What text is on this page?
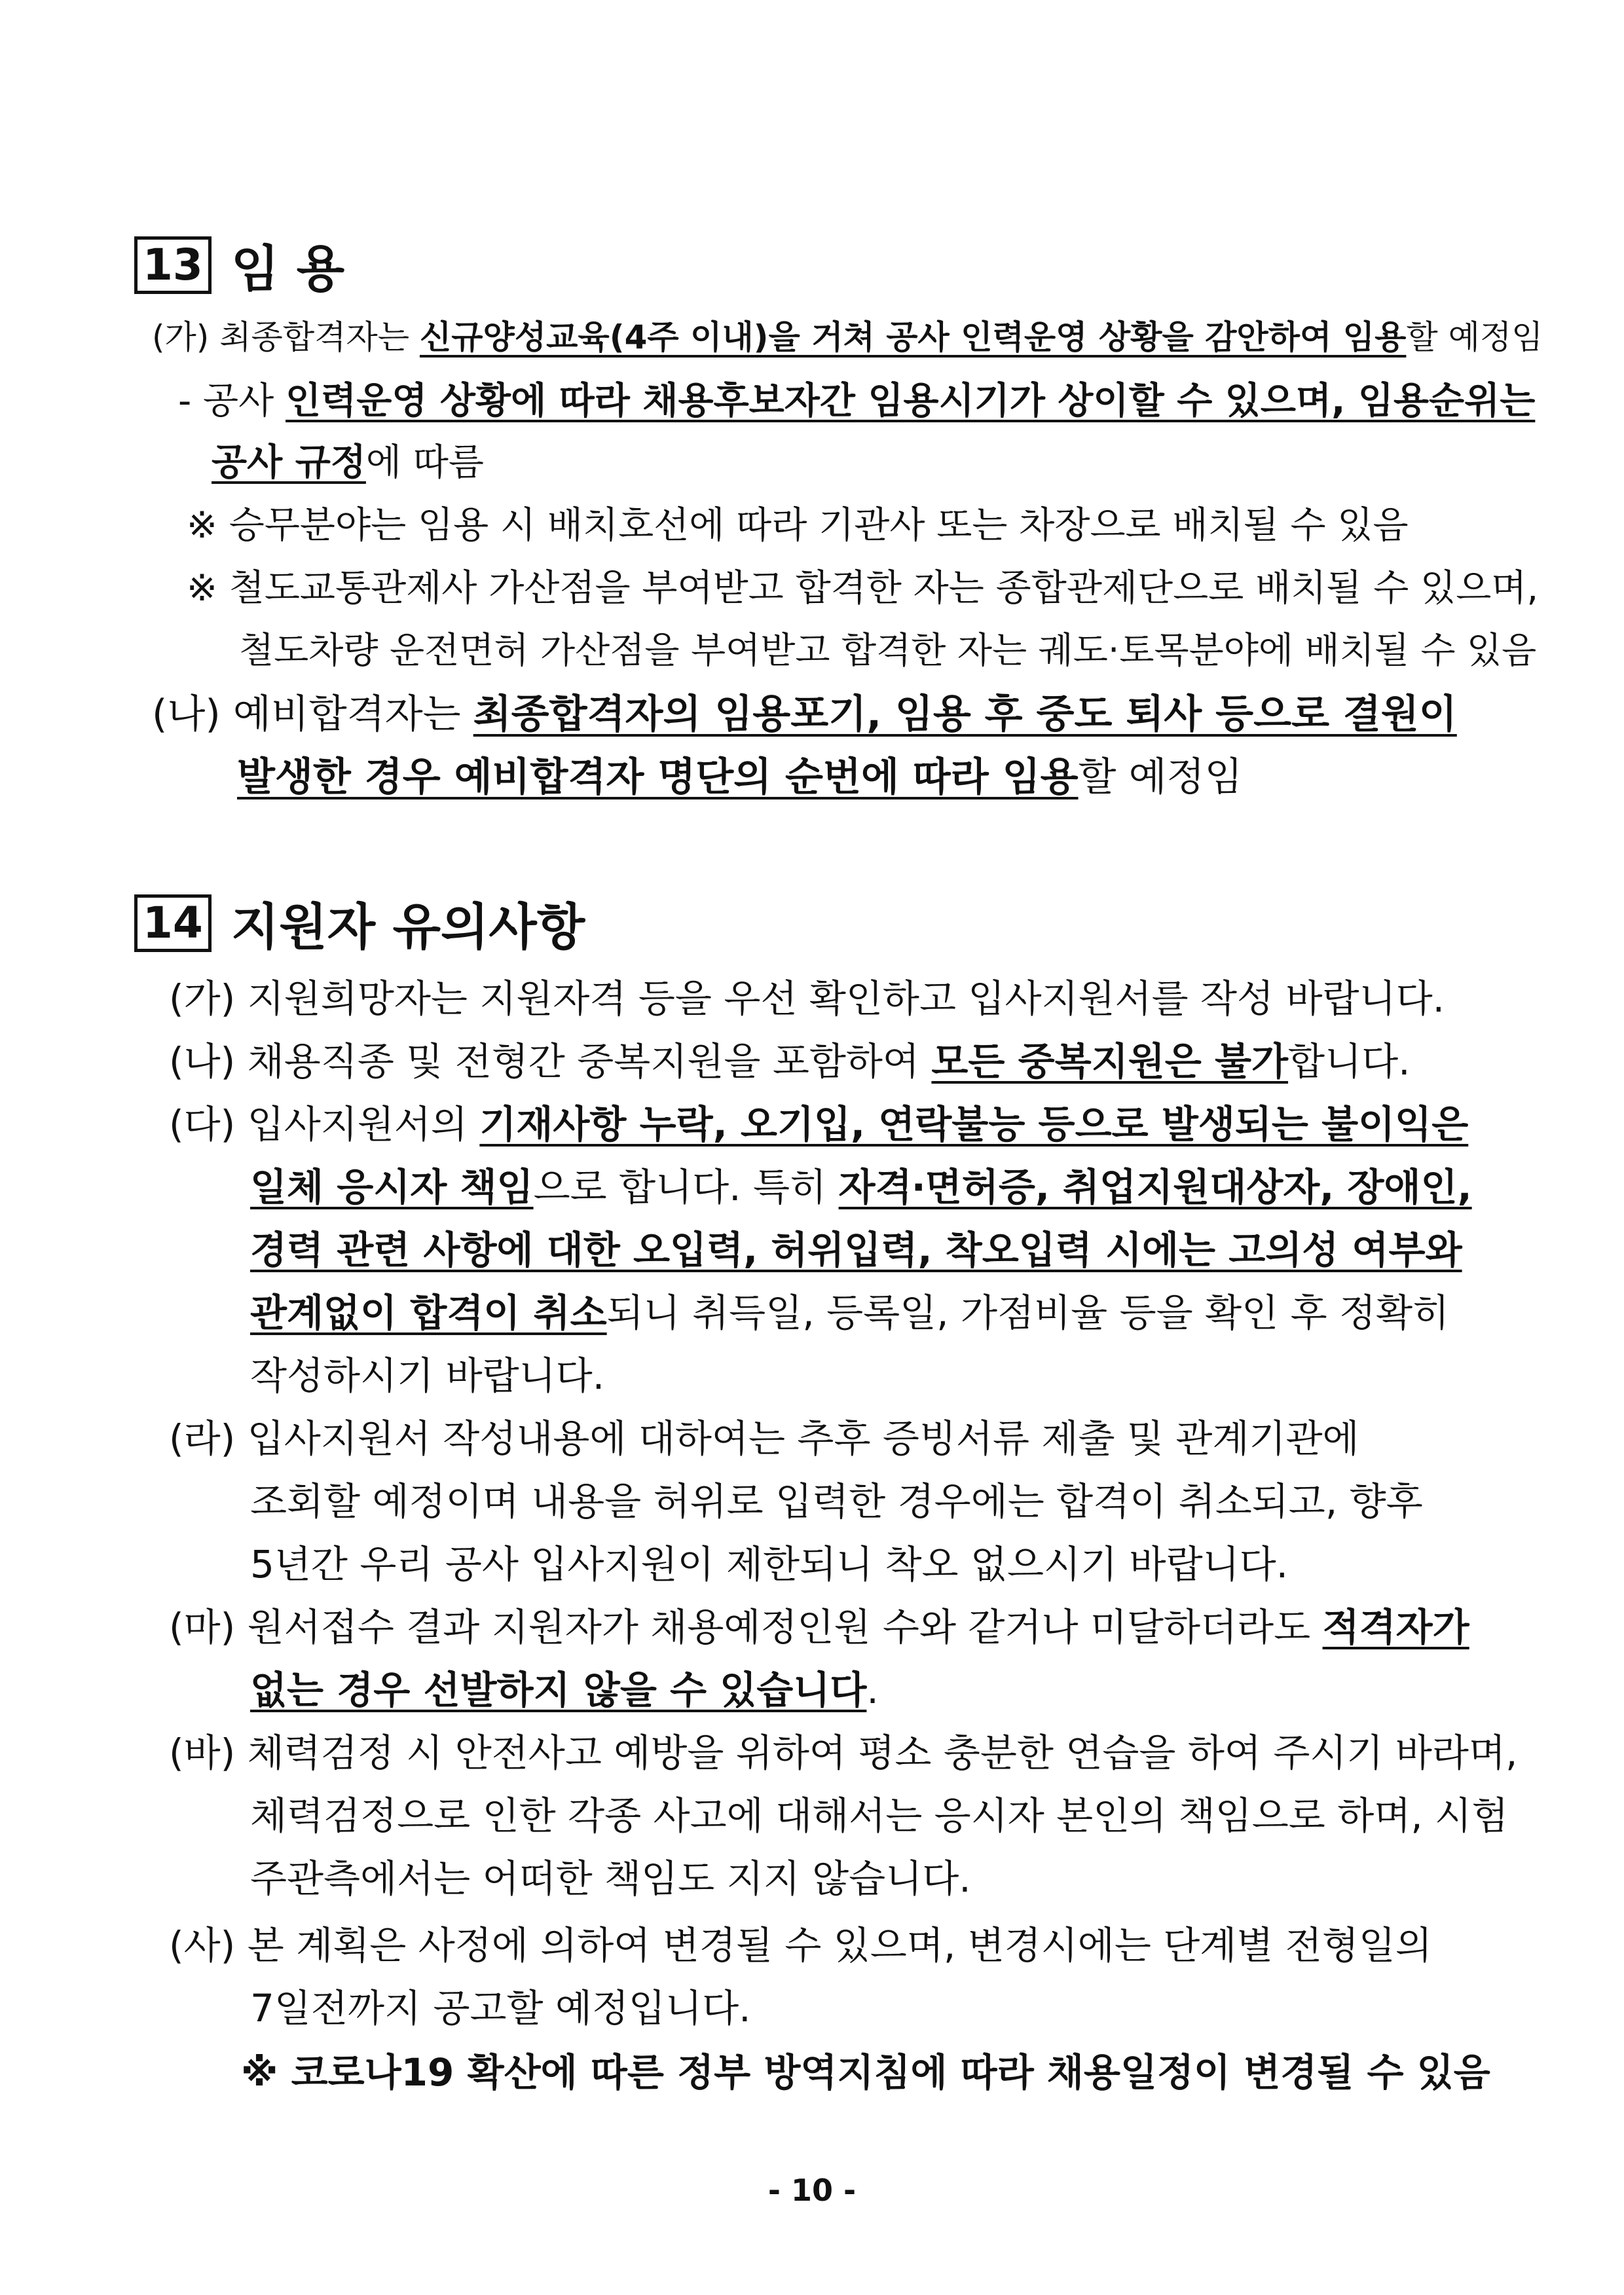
13 임 용
(가) 최종합격자는 신규양성교육(4주 이내)을 거쳐 공사 인력운영 상황을 감안하여 임용할 예정임
- 공사 인력운영 상황에 따라 채용후보자간 임용시기가 상이할 수 있으며, 임용순위는
공사 규정에 따름
※ 승무분야는 임용 시 배치호선에 따라 기관사 또는 차장으로 배치될 수 있음
※ 철도교통관제사 가산점을 부여받고 합격한 자는 종합관제단으로 배치될 수 있으며,
철도차량 운전면허 가산점을 부여받고 합격한 자는 궤도‧토목분야에 배치될 수 있음
(나) 예비합격자는 최종합격자의 임용포기, 임용 후 중도 퇴사 등으로 결원이
발생한 경우 예비합격자 명단의 순번에 따라 임용할 예정임
14 지원자 유의사항
(가) 지원희망자는 지원자격 등을 우선 확인하고 입사지원서를 작성 바랍니다.
(나) 채용직종 및 전형간 중복지원을 포함하여 모든 중복지원은 불가합니다.
(다) 입사지원서의 기재사항 누락, 오기입, 연락불능 등으로 발생되는 불이익은
일체 응시자 책임으로 합니다. 특히 자격‧면허증, 취업지원대상자, 장애인,
경력 관련 사항에 대한 오입력, 허위입력, 착오입력 시에는 고의성 여부와
관계없이 합격이 취소되니 취득일, 등록일, 가점비율 등을 확인 후 정확히
작성하시기 바랍니다.
(라) 입사지원서 작성내용에 대하여는 추후 증빙서류 제출 및 관계기관에
조회할 예정이며 내용을 허위로 입력한 경우에는 합격이 취소되고, 향후
5년간 우리 공사 입사지원이 제한되니 착오 없으시기 바랍니다.
(마) 원서접수 결과 지원자가 채용예정인원 수와 같거나 미달하더라도 적격자가
없는 경우 선발하지 않을 수 있습니다.
(바) 체력검정 시 안전사고 예방을 위하여 평소 충분한 연습을 하여 주시기 바라며,
체력검정으로 인한 각종 사고에 대해서는 응시자 본인의 책임으로 하며, 시험
주관측에서는 어떠한 책임도 지지 않습니다.
(사) 본 계획은 사정에 의하여 변경될 수 있으며, 변경시에는 단계별 전형일의
7일전까지 공고할 예정입니다.
※ 코로나19 확산에 따른 정부 방역지침에 따라 채용일정이 변경될 수 있음
- 10 -
